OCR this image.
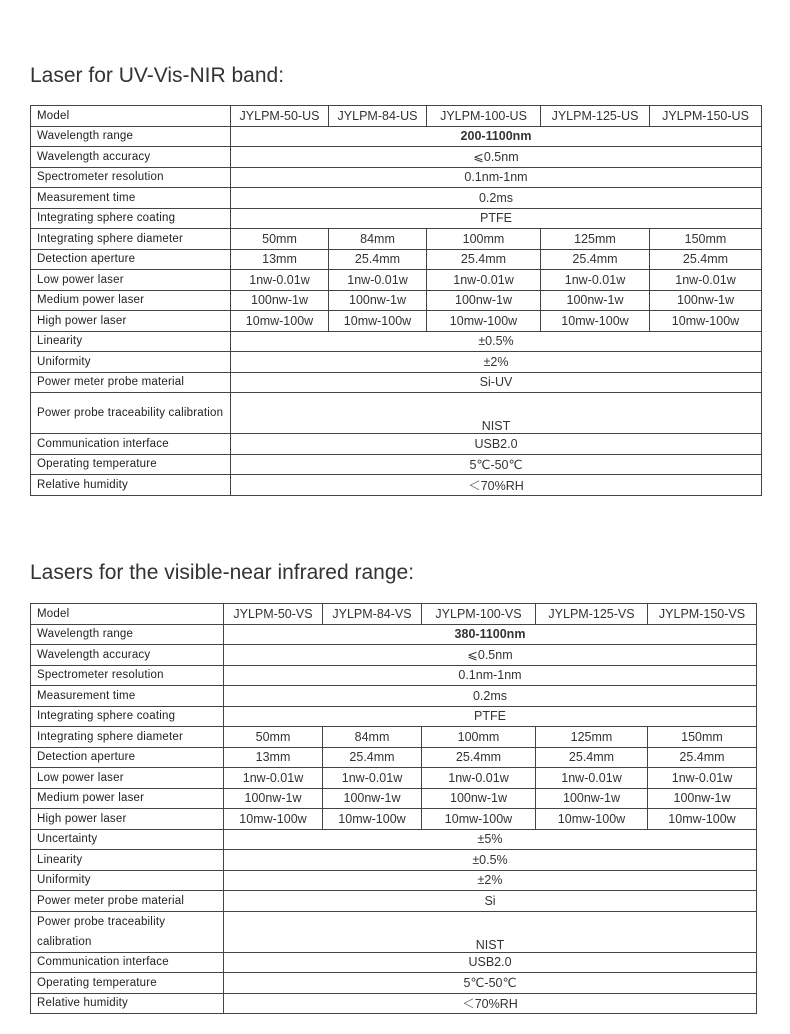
Laser for UV-Vis-NIR band:
Model	JYLPM-50-US	JYLPM-84-US	JYLPM-100-US	JYLPM-125-US	JYLPM-150-US
Wavelength range	200-1100nm				
Wavelength accuracy	⩽0.5nm				
Spectrometer resolution	0.1nm-1nm				
Measurement time	0.2ms				
Integrating sphere coating	PTFE				
Integrating sphere diameter	50mm	84mm	100mm	125mm	150mm
Detection aperture	13mm	25.4mm	25.4mm	25.4mm	25.4mm
Low power laser	1nw-0.01w	1nw-0.01w	1nw-0.01w	1nw-0.01w	1nw-0.01w
Medium power laser	100nw-1w	100nw-1w	100nw-1w	100nw-1w	100nw-1w
High power laser	10mw-100w	10mw-100w	10mw-100w	10mw-100w	10mw-100w
Linearity	±0.5%				
Uniformity	±2%				
Power meter probe material	Si-UV				
Power probe traceability calibration	NIST				
Communication interface	USB2.0				
Operating temperature	5℃-50℃				
Relative humidity	＜70%RH				
Lasers for the visible-near infrared range:
Model	JYLPM-50-VS	JYLPM-84-VS	JYLPM-100-VS	JYLPM-125-VS	JYLPM-150-VS
Wavelength range	380-1100nm				
Wavelength accuracy	⩽0.5nm				
Spectrometer resolution	0.1nm-1nm				
Measurement time	0.2ms				
Integrating sphere coating	PTFE				
Integrating sphere diameter	50mm	84mm	100mm	125mm	150mm
Detection aperture	13mm	25.4mm	25.4mm	25.4mm	25.4mm
Low power laser	1nw-0.01w	1nw-0.01w	1nw-0.01w	1nw-0.01w	1nw-0.01w
Medium power laser	100nw-1w	100nw-1w	100nw-1w	100nw-1w	100nw-1w
High power laser	10mw-100w	10mw-100w	10mw-100w	10mw-100w	10mw-100w
Uncertainty	±5%				
Linearity	±0.5%				
Uniformity	±2%				
Power meter probe material	Si				
Power probe traceability calibration	NIST				
Communication interface	USB2.0				
Operating temperature	5℃-50℃				
Relative humidity	＜70%RH				
